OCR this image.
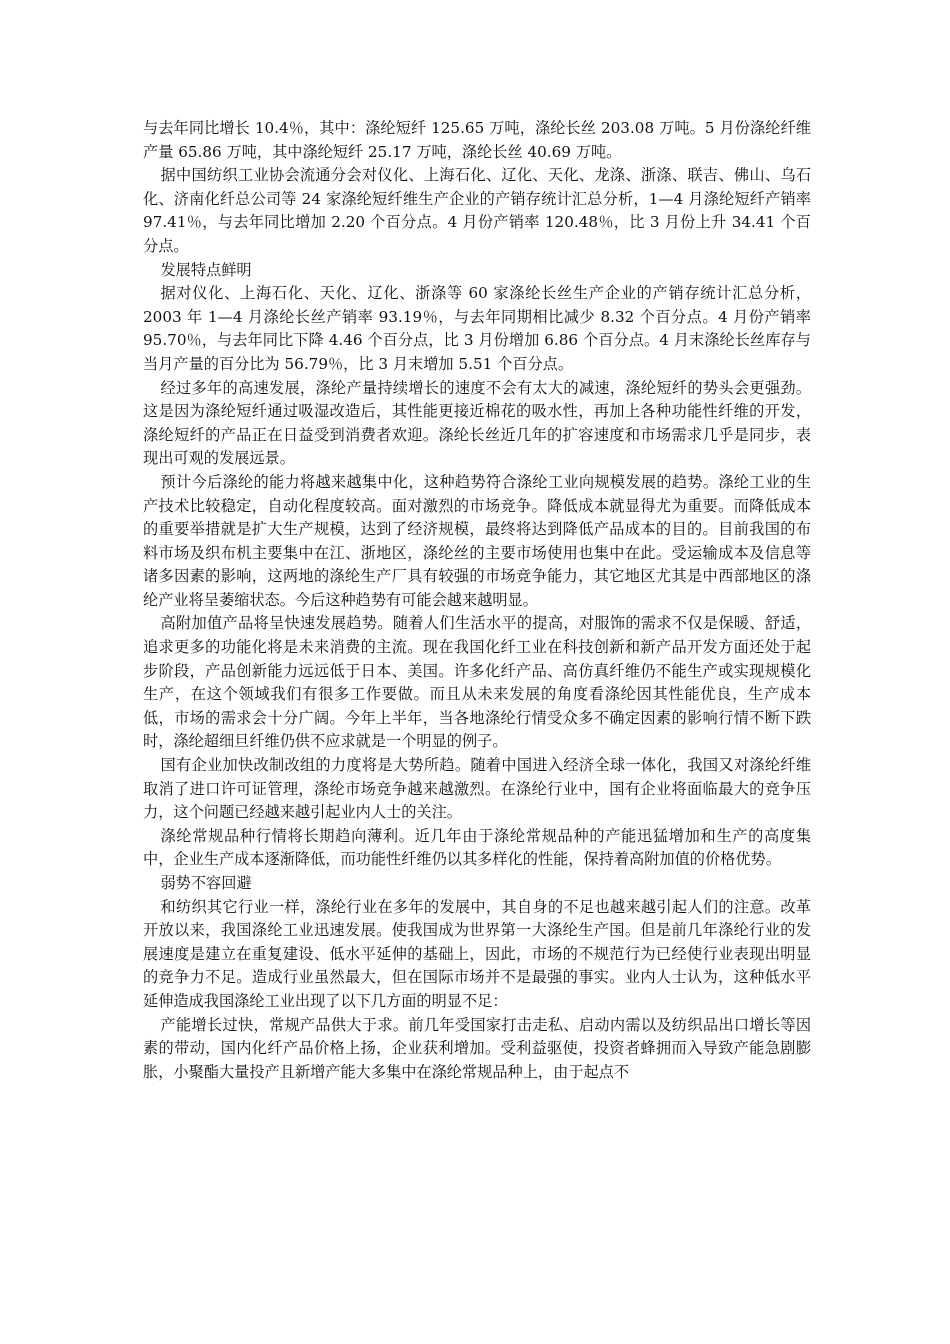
与去年同比增长 10.4％，其中：涤纶短纤 125.65 万吨，涤纶长丝 203.08 万吨。5 月份涤纶纤维产量 65.86 万吨，其中涤纶短纤 25.17 万吨，涤纶长丝 40.69 万吨。

据中国纺织工业协会流通分会对仪化、上海石化、辽化、天化、龙涤、浙涤、联吉、佛山、乌石化、济南化纤总公司等 24 家涤纶短纤维生产企业的产销存统计汇总分析，1—4 月涤纶短纤产销率 97.41％，与去年同比增加 2.20 个百分点。4 月份产销率 120.48％，比 3 月份上升 34.41 个百分点。

发展特点鲜明

据对仪化、上海石化、天化、辽化、浙涤等 60 家涤纶长丝生产企业的产销存统计汇总分析，2003 年 1—4 月涤纶长丝产销率 93.19％，与去年同期相比减少 8.32 个百分点。4 月份产销率 95.70％，与去年同比下降 4.46 个百分点，比 3 月份增加 6.86 个百分点。4 月末涤纶长丝库存与当月产量的百分比为 56.79％，比 3 月末增加 5.51 个百分点。

经过多年的高速发展，涤纶产量持续增长的速度不会有太大的减速，涤纶短纤的势头会更强劲。这是因为涤纶短纤通过吸湿改造后，其性能更接近棉花的吸水性，再加上各种功能性纤维的开发，涤纶短纤的产品正在日益受到消费者欢迎。涤纶长丝近几年的扩容速度和市场需求几乎是同步，表现出可观的发展远景。

预计今后涤纶的能力将越来越集中化，这种趋势符合涤纶工业向规模发展的趋势。涤纶工业的生产技术比较稳定，自动化程度较高。面对激烈的市场竞争。降低成本就显得尤为重要。而降低成本的重要举措就是扩大生产规模，达到了经济规模，最终将达到降低产品成本的目的。目前我国的布料市场及织布机主要集中在江、浙地区，涤纶丝的主要市场使用也集中在此。受运输成本及信息等诸多因素的影响，这两地的涤纶生产厂具有较强的市场竞争能力，其它地区尤其是中西部地区的涤纶产业将呈萎缩状态。今后这种趋势有可能会越来越明显。

高附加值产品将呈快速发展趋势。随着人们生活水平的提高，对服饰的需求不仅是保暖、舒适，追求更多的功能化将是未来消费的主流。现在我国化纤工业在科技创新和新产品开发方面还处于起步阶段，产品创新能力远远低于日本、美国。许多化纤产品、高仿真纤维仍不能生产或实现规模化生产，在这个领域我们有很多工作要做。而且从未来发展的角度看涤纶因其性能优良，生产成本低，市场的需求会十分广阔。今年上半年，当各地涤纶行情受众多不确定因素的影响行情不断下跌时，涤纶超细旦纤维仍供不应求就是一个明显的例子。

国有企业加快改制改组的力度将是大势所趋。随着中国进入经济全球一体化，我国又对涤纶纤维取消了进口许可证管理，涤纶市场竞争越来越激烈。在涤纶行业中，国有企业将面临最大的竞争压力，这个问题已经越来越引起业内人士的关注。

涤纶常规品种行情将长期趋向薄利。近几年由于涤纶常规品种的产能迅猛增加和生产的高度集中，企业生产成本逐渐降低，而功能性纤维仍以其多样化的性能，保持着高附加值的价格优势。

弱势不容回避

和纺织其它行业一样，涤纶行业在多年的发展中，其自身的不足也越来越引起人们的注意。改革开放以来，我国涤纶工业迅速发展。使我国成为世界第一大涤纶生产国。但是前几年涤纶行业的发展速度是建立在重复建设、低水平延伸的基础上，因此，市场的不规范行为已经使行业表现出明显的竞争力不足。造成行业虽然最大，但在国际市场并不是最强的事实。业内人士认为，这种低水平延伸造成我国涤纶工业出现了以下几方面的明显不足：

产能增长过快，常规产品供大于求。前几年受国家打击走私、启动内需以及纺织品出口增长等因素的带动，国内化纤产品价格上扬，企业获利增加。受利益驱使，投资者蜂拥而入导致产能急剧膨胀，小聚酯大量投产且新增产能大多集中在涤纶常规品种上，由于起点不
